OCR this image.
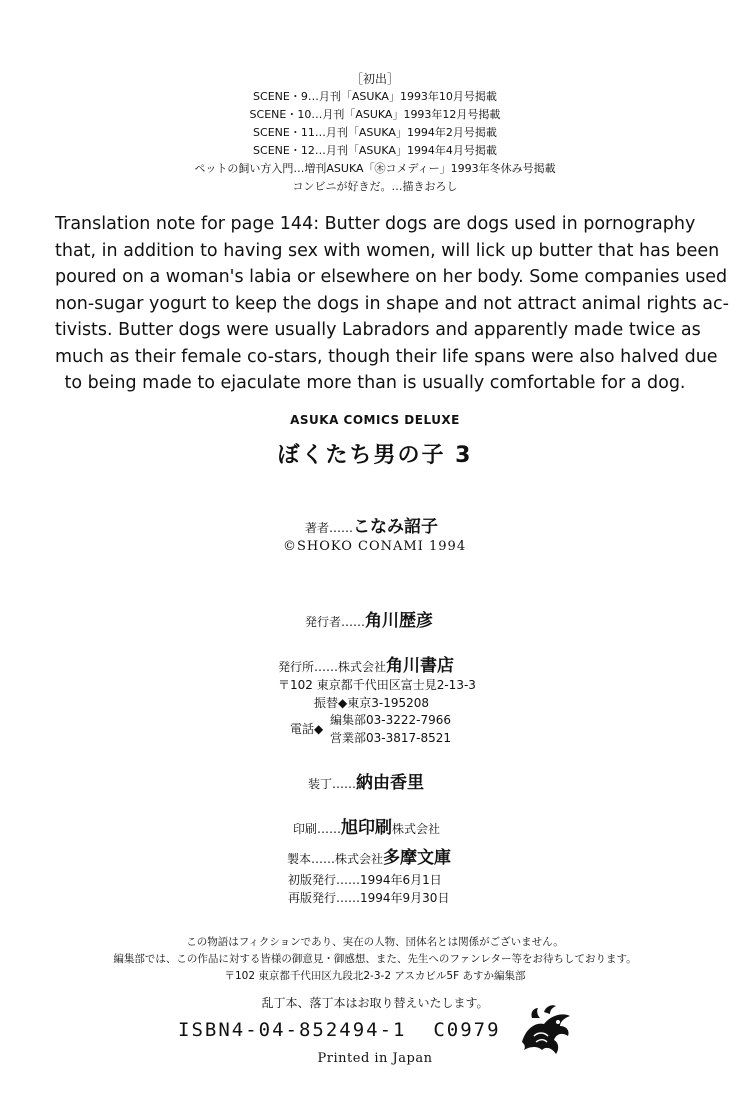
［初出］
SCENE・9…月刊「ASUKA」1993年10月号掲載
SCENE・10…月刊「ASUKA」1993年12月号掲載
SCENE・11…月刊「ASUKA」1994年2月号掲載
SCENE・12…月刊「ASUKA」1994年4月号掲載
ペットの飼い方入門…増刊ASUKA「㊍コメディー」1993年冬休み号掲載
コンビニが好きだ。…描きおろし
Translation note for page 144: Butter dogs are dogs used in pornography
that, in addition to having sex with women, will lick up butter that has been
poured on a woman's labia or elsewhere on her body. Some companies used
non-sugar yogurt to keep the dogs in shape and not attract animal rights ac-
tivists. Butter dogs were usually Labradors and apparently made twice as
much as their female co-stars, though their life spans were also halved due
to being made to ejaculate more than is usually comfortable for a dog.
ASUKA COMICS DELUXE
ぼくたち男の子 3
著者……こなみ詔子
©SHOKO CONAMI 1994
発行者……角川歴彦
発行所……株式会社角川書店
〒102 東京都千代田区富士見2-13-3
振替◆東京3-195208
電話◆
編集部03-3222-7966
営業部03-3817-8521
装丁……納由香里
印刷……旭印刷株式会社
製本……株式会社多摩文庫
初版発行……1994年6月1日
再版発行……1994年9月30日
この物語はフィクションであり、実在の人物、団体名とは関係がございません。
編集部では、この作品に対する皆様の御意見・御感想、また、先生へのファンレター等をお待ちしております。
〒102 東京都千代田区九段北2-3-2 アスカビル5F あすか編集部
乱丁本、落丁本はお取り替えいたします。
ISBN4-04-852494-1  C0979
Printed in Japan
